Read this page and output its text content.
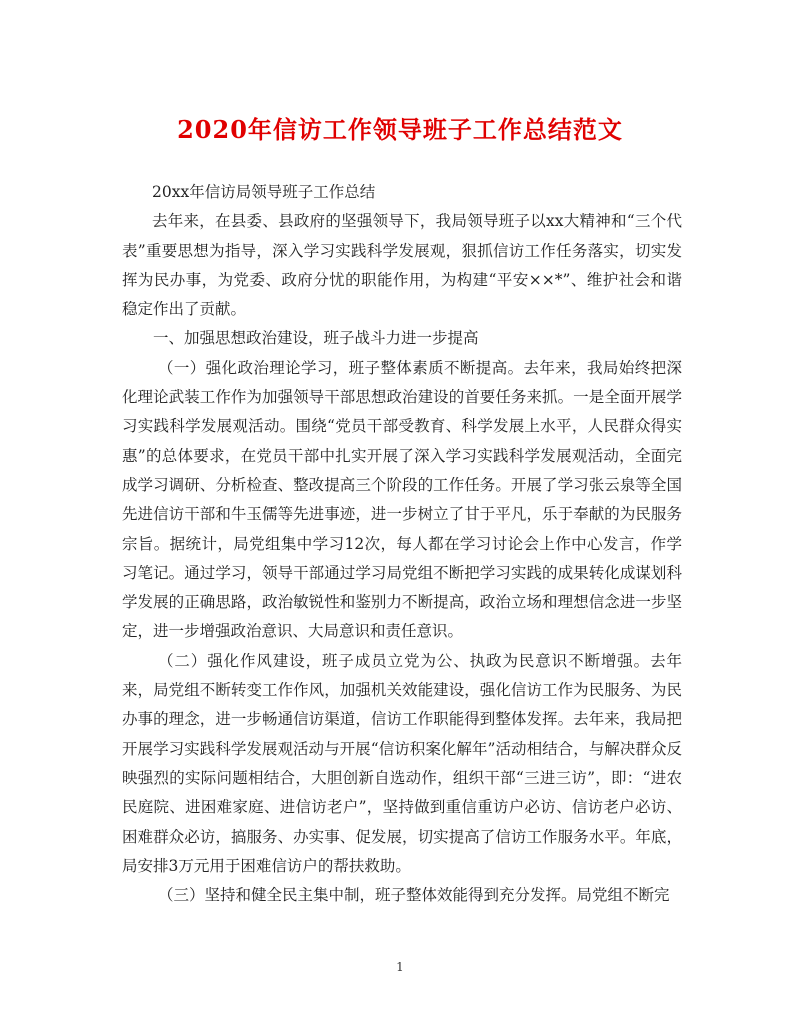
2020年信访工作领导班子工作总结范文

20xx年信访局领导班子工作总结

去年来，在县委、县政府的坚强领导下，我局领导班子以xx大精神和“三个代表”重要思想为指导，深入学习实践科学发展观，狠抓信访工作任务落实，切实发挥为民办事，为党委、政府分忧的职能作用，为构建“平安××*”、维护社会和谐稳定作出了贡献。

一、加强思想政治建设，班子战斗力进一步提高

（一）强化政治理论学习，班子整体素质不断提高。去年来，我局始终把深化理论武装工作作为加强领导干部思想政治建设的首要任务来抓。一是全面开展学习实践科学发展观活动。围绕“党员干部受教育、科学发展上水平，人民群众得实惠”的总体要求，在党员干部中扎实开展了深入学习实践科学发展观活动，全面完成学习调研、分析检查、整改提高三个阶段的工作任务。开展了学习张云泉等全国先进信访干部和牛玉儒等先进事迹，进一步树立了甘于平凡，乐于奉献的为民服务宗旨。据统计，局党组集中学习12次，每人都在学习讨论会上作中心发言，作学习笔记。通过学习，领导干部通过学习局党组不断把学习实践的成果转化成谋划科学发展的正确思路，政治敏锐性和鉴别力不断提高，政治立场和理想信念进一步坚定，进一步增强政治意识、大局意识和责任意识。

（二）强化作风建设，班子成员立党为公、执政为民意识不断增强。去年来，局党组不断转变工作作风，加强机关效能建设，强化信访工作为民服务、为民办事的理念，进一步畅通信访渠道，信访工作职能得到整体发挥。去年来，我局把开展学习实践科学发展观活动与开展“信访积案化解年”活动相结合，与解决群众反映强烈的实际问题相结合，大胆创新自选动作，组织干部“三进三访”，即：“进农民庭院、进困难家庭、进信访老户”，坚持做到重信重访户必访、信访老户必访、困难群众必访，搞服务、办实事、促发展，切实提高了信访工作服务水平。年底，局安排3万元用于困难信访户的帮扶救助。

（三）坚持和健全民主集中制，班子整体效能得到充分发挥。局党组不断完

1
